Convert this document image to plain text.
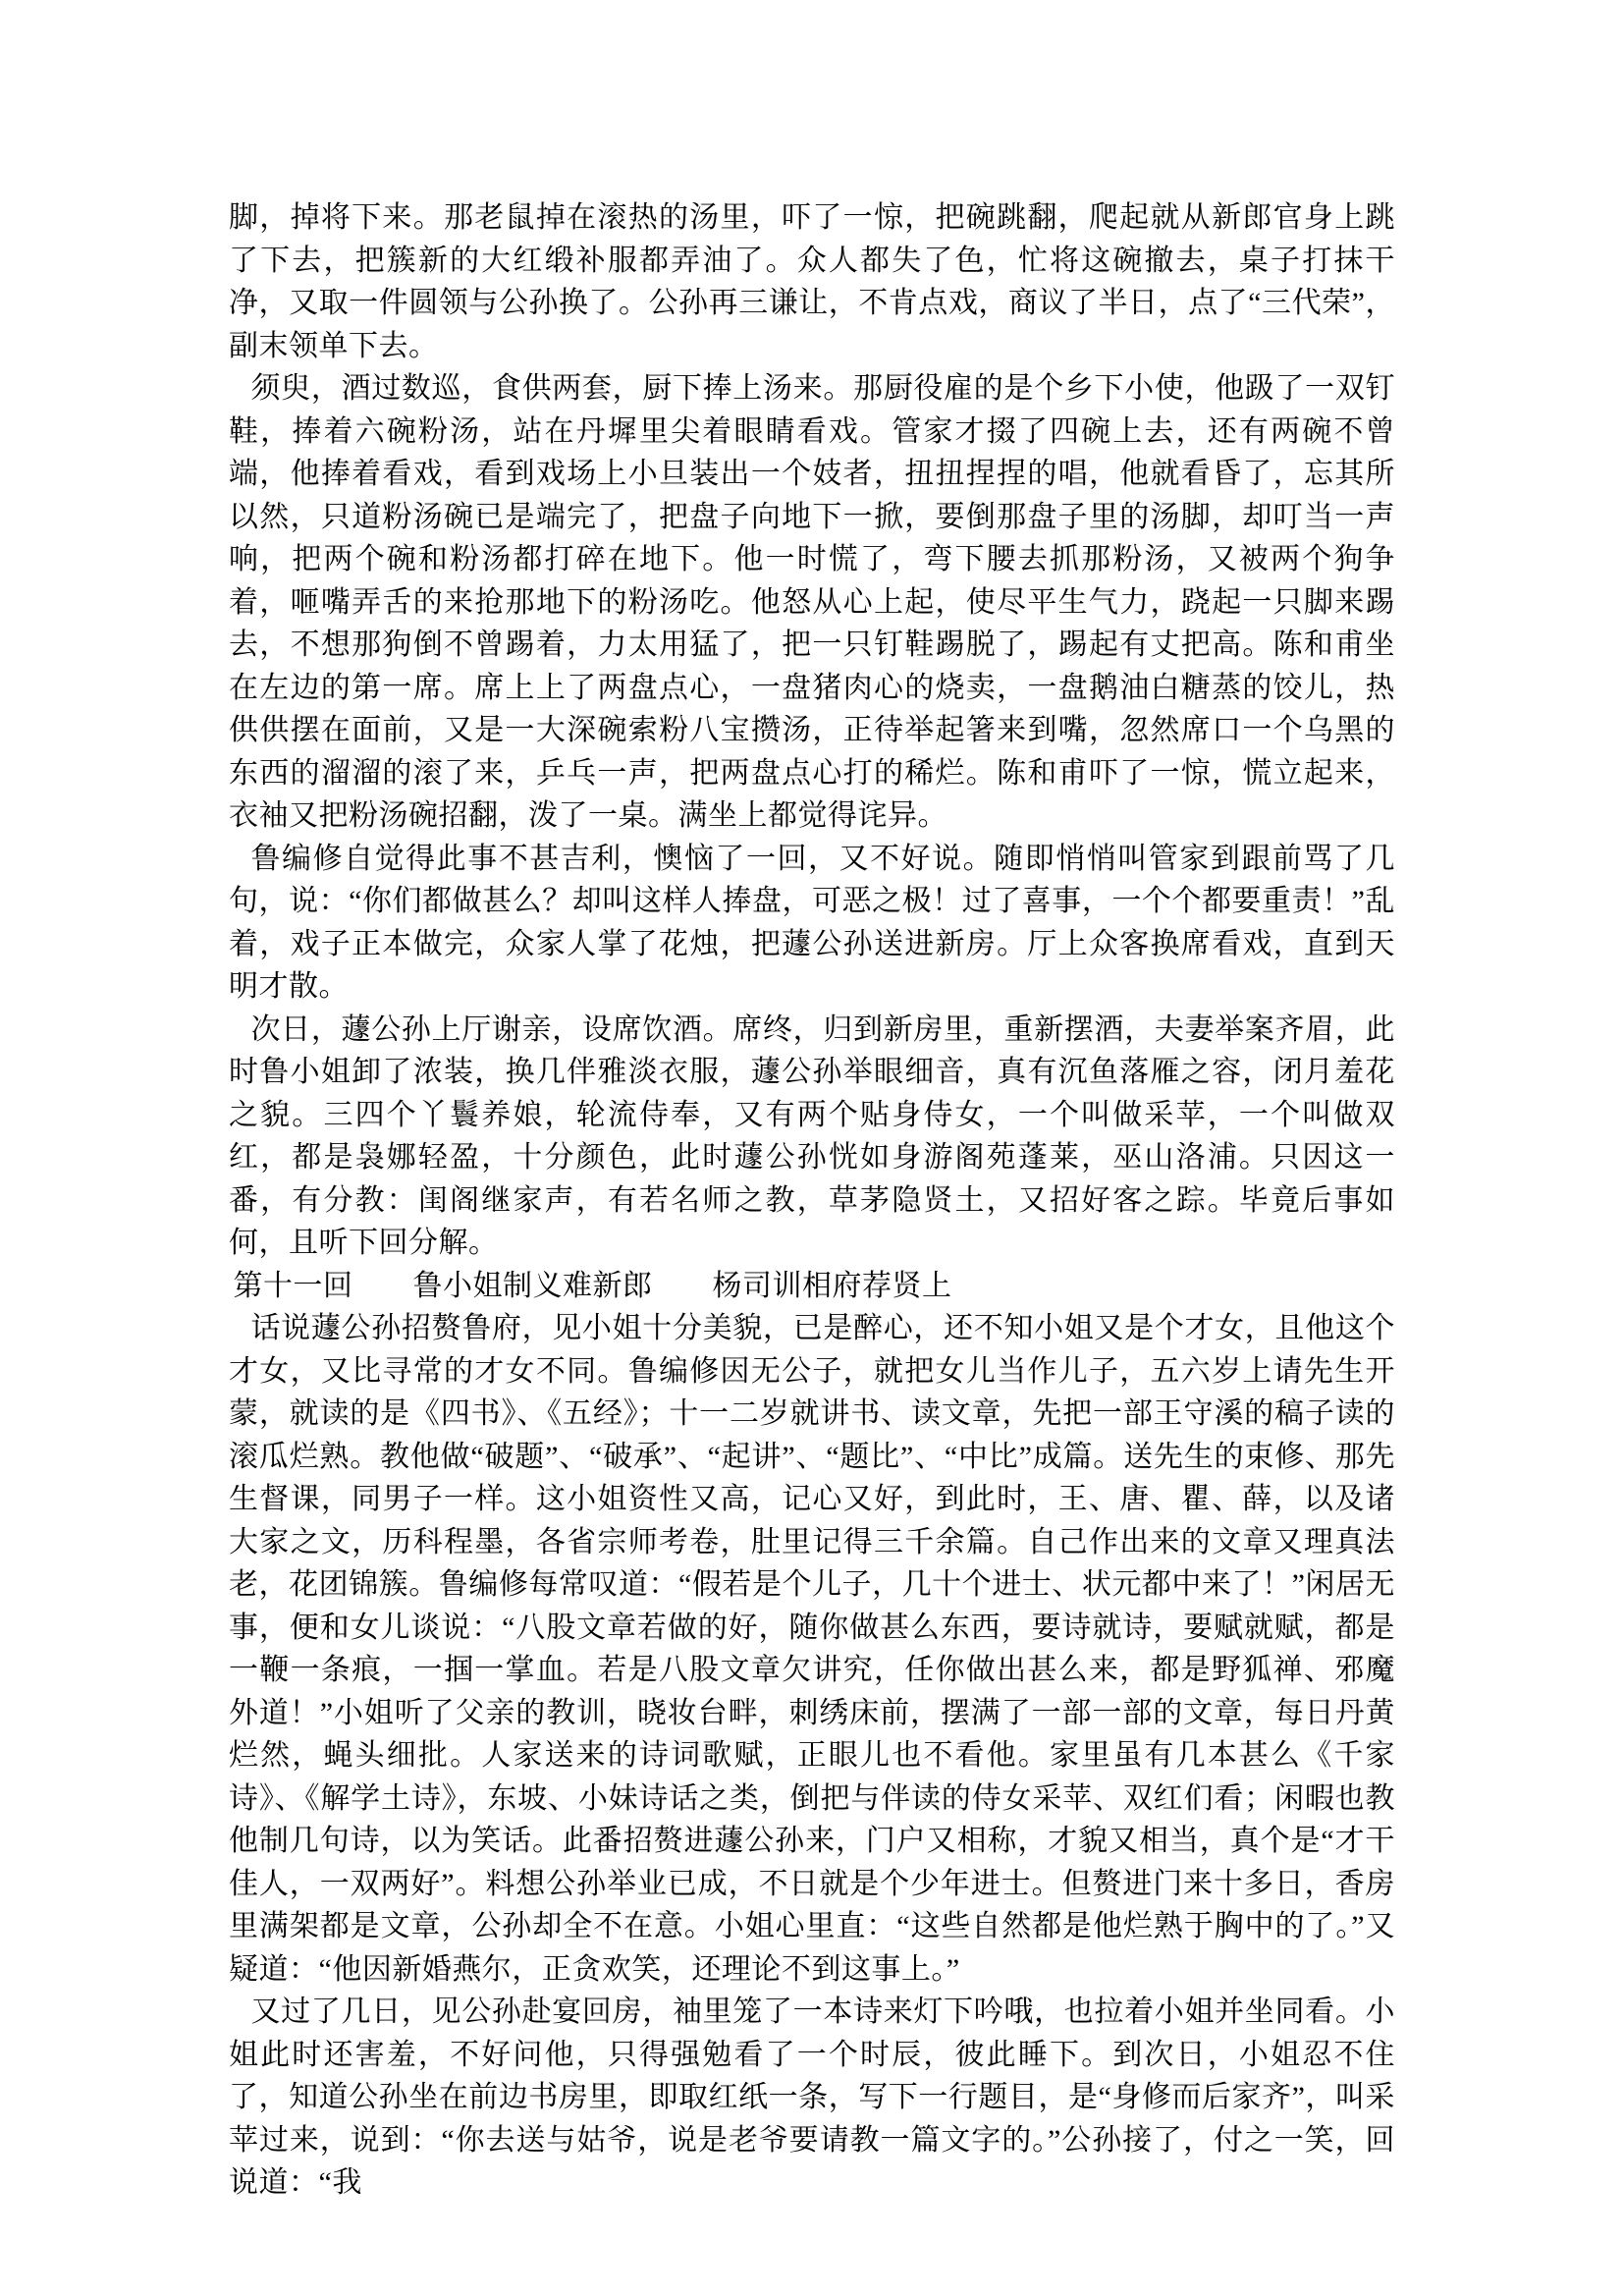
脚，掉将下来。那老鼠掉在滚热的汤里，吓了一惊，把碗跳翻，爬起就从新郎官身上跳了下去，把簇新的大红缎补服都弄油了。众人都失了色，忙将这碗撤去，桌子打抹干净，又取一件圆领与公孙换了。公孙再三谦让，不肯点戏，商议了半日，点了“三代荣”，副末领单下去。

须臾，酒过数巡，食供两套，厨下捧上汤来。那厨役雇的是个乡下小使，他趿了一双钉鞋，捧着六碗粉汤，站在丹墀里尖着眼睛看戏。管家才掇了四碗上去，还有两碗不曾端，他捧着看戏，看到戏场上小旦装出一个妓者，扭扭捏捏的唱，他就看昏了，忘其所以然，只道粉汤碗已是端完了，把盘子向地下一掀，要倒那盘子里的汤脚，却叮当一声响，把两个碗和粉汤都打碎在地下。他一时慌了，弯下腰去抓那粉汤，又被两个狗争着，咂嘴弄舌的来抢那地下的粉汤吃。他怒从心上起，使尽平生气力，跷起一只脚来踢去，不想那狗倒不曾踢着，力太用猛了，把一只钉鞋踢脱了，踢起有丈把高。陈和甫坐在左边的第一席。席上上了两盘点心，一盘猪肉心的烧卖，一盘鹅油白糖蒸的饺儿，热供供摆在面前，又是一大深碗索粉八宝攒汤，正待举起箸来到嘴，忽然席口一个乌黑的东西的溜溜的滚了来，乒乓一声，把两盘点心打的稀烂。陈和甫吓了一惊，慌立起来，衣袖又把粉汤碗招翻，泼了一桌。满坐上都觉得诧异。

鲁编修自觉得此事不甚吉利，懊恼了一回，又不好说。随即悄悄叫管家到跟前骂了几句，说：“你们都做甚么？却叫这样人捧盘，可恶之极！过了喜事，一个个都要重责！”乱着，戏子正本做完，众家人掌了花烛，把蘧公孙送进新房。厅上众客换席看戏，直到天明才散。

次日，蘧公孙上厅谢亲，设席饮酒。席终，归到新房里，重新摆酒，夫妻举案齐眉，此时鲁小姐卸了浓装，换几伴雅淡衣服，蘧公孙举眼细音，真有沉鱼落雁之容，闭月羞花之貌。三四个丫鬟养娘，轮流侍奉，又有两个贴身侍女，一个叫做采苹，一个叫做双红，都是袅娜轻盈，十分颜色，此时蘧公孙恍如身游阁苑蓬莱，巫山洛浦。只因这一番，有分教：闺阁继家声，有若名师之教，草茅隐贤土，又招好客之踪。毕竟后事如何，且听下回分解。

第十一回　　鲁小姐制义难新郎　　杨司训相府荐贤上

话说蘧公孙招赘鲁府，见小姐十分美貌，已是醉心，还不知小姐又是个才女，且他这个才女，又比寻常的才女不同。鲁编修因无公子，就把女儿当作儿子，五六岁上请先生开蒙，就读的是《四书》、《五经》；十一二岁就讲书、读文章，先把一部王守溪的稿子读的滚瓜烂熟。教他做“破题”、“破承”、“起讲”、“题比”、“中比”成篇。送先生的束修、那先生督课，同男子一样。这小姐资性又高，记心又好，到此时，王、唐、瞿、薛，以及诸大家之文，历科程墨，各省宗师考卷，肚里记得三千余篇。自己作出来的文章又理真法老，花团锦簇。鲁编修每常叹道：“假若是个儿子，几十个进士、状元都中来了！”闲居无事，便和女儿谈说：“八股文章若做的好，随你做甚么东西，要诗就诗，要赋就赋，都是一鞭一条痕，一掴一掌血。若是八股文章欠讲究，任你做出甚么来，都是野狐禅、邪魔外道！”小姐听了父亲的教训，晓妆台畔，刺绣床前，摆满了一部一部的文章，每日丹黄烂然，蝇头细批。人家送来的诗词歌赋，正眼儿也不看他。家里虽有几本甚么《千家诗》、《解学土诗》，东坡、小妹诗话之类，倒把与伴读的侍女采苹、双红们看；闲暇也教他制几句诗，以为笑话。此番招赘进蘧公孙来，门户又相称，才貌又相当，真个是“才干佳人，一双两好”。料想公孙举业已成，不日就是个少年进士。但赘进门来十多日，香房里满架都是文章，公孙却全不在意。小姐心里直：“这些自然都是他烂熟于胸中的了。”又疑道：“他因新婚燕尔，正贪欢笑，还理论不到这事上。”

又过了几日，见公孙赴宴回房，袖里笼了一本诗来灯下吟哦，也拉着小姐并坐同看。小姐此时还害羞，不好问他，只得强勉看了一个时辰，彼此睡下。到次日，小姐忍不住了，知道公孙坐在前边书房里，即取红纸一条，写下一行题目，是“身修而后家齐”，叫采苹过来，说到：“你去送与姑爷，说是老爷要请教一篇文字的。”公孙接了，付之一笑，回说道：“我
